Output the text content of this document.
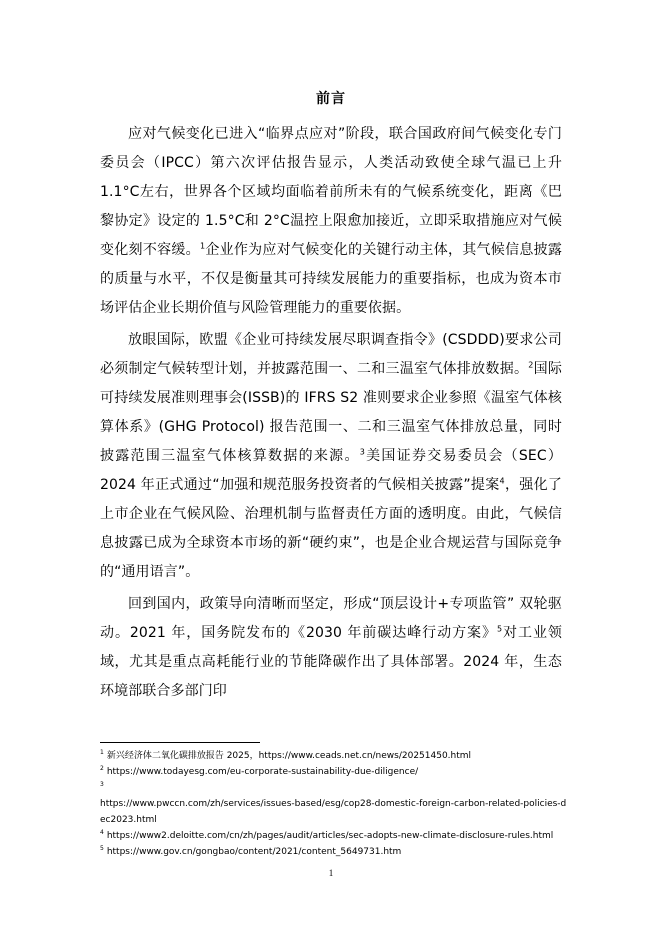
前言

应对气候变化已进入“临界点应对”阶段，联合国政府间气候变化专门委员会（IPCC）第六次评估报告显示，人类活动致使全球气温已上升 1.1°C左右，世界各个区域均面临着前所未有的气候系统变化，距离《巴黎协定》设定的 1.5°C和 2°C温控上限愈加接近，立即采取措施应对气候变化刻不容缓。$^1$企业作为应对气候变化的关键行动主体，其气候信息披露的质量与水平，不仅是衡量其可持续发展能力的重要指标，也成为资本市场评估企业长期价值与风险管理能力的重要依据。

放眼国际，欧盟《企业可持续发展尽职调查指令》(CSDDD)要求公司必须制定气候转型计划，并披露范围一、二和三温室气体排放数据。$^2$国际可持续发展准则理事会(ISSB)的 IFRS S2 准则要求企业参照《温室气体核算体系》(GHG Protocol) 报告范围一、二和三温室气体排放总量，同时披露范围三温室气体核算数据的来源。$^3$美国证券交易委员会（SEC）2024 年正式通过“加强和规范服务投资者的气候相关披露”提案$^4$，强化了上市企业在气候风险、治理机制与监督责任方面的透明度。由此，气候信息披露已成为全球资本市场的新“硬约束”，也是企业合规运营与国际竞争的“通用语言”。

回到国内，政策导向清晰而坚定，形成“顶层设计+专项监管” 双轮驱动。2021 年，国务院发布的《2030 年前碳达峰行动方案》$^5$对工业领域，尤其是重点高耗能行业的节能降碳作出了具体部署。2024 年，生态环境部联合多部门印

$^1$ 新兴经济体二氧化碳排放报告 2025，https://www.ceads.net.cn/news/20251450.html
$^2$ https://www.todayesg.com/eu-corporate-sustainability-due-diligence/
$^3$
https://www.pwccn.com/zh/services/issues-based/esg/cop28-domestic-foreign-carbon-related-policies-dec2023.html
$^4$ https://www2.deloitte.com/cn/zh/pages/audit/articles/sec-adopts-new-climate-disclosure-rules.html
$^5$ https://www.gov.cn/gongbao/content/2021/content_5649731.htm
1
